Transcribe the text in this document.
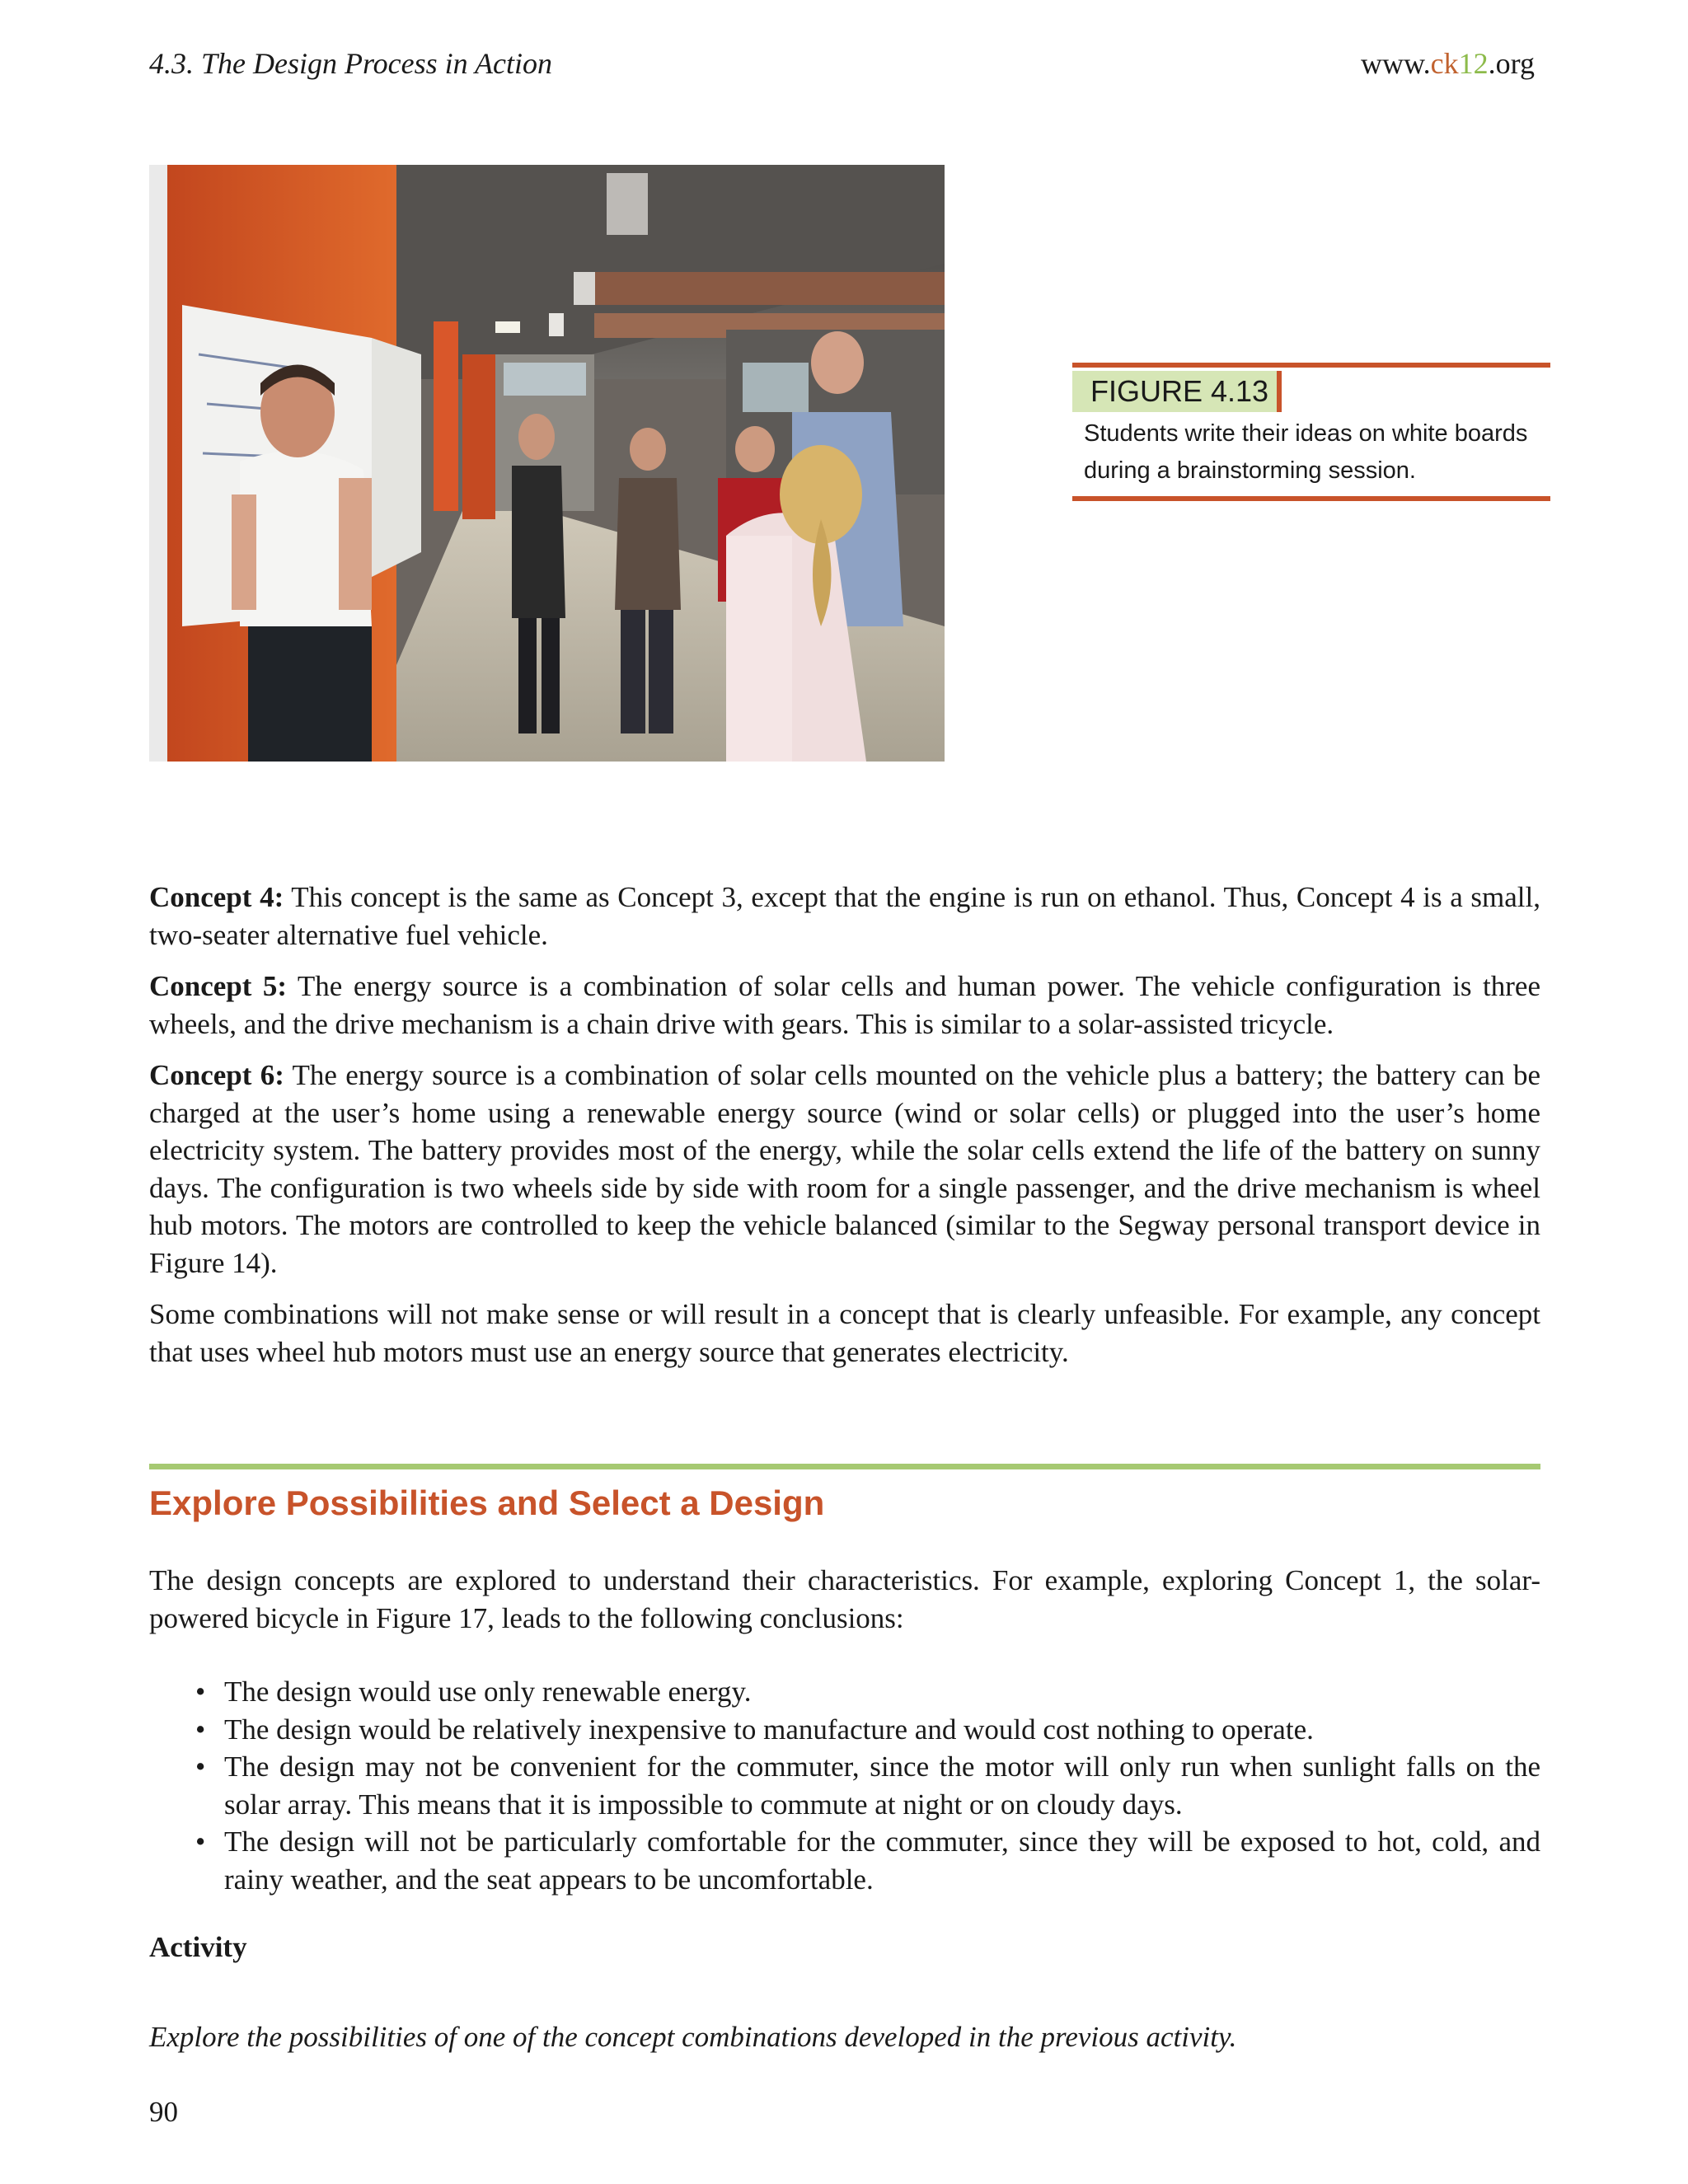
4.3. The Design Process in Action	www.ck12.org
FIGURE 4.13
Students write their ideas on white boards
during a brainstorming session.

Concept 4: This concept is the same as Concept 3, except that the engine is run on ethanol. Thus, Concept 4 is a small, two-seater alternative fuel vehicle.

Concept 5: The energy source is a combination of solar cells and human power. The vehicle configuration is three wheels, and the drive mechanism is a chain drive with gears. This is similar to a solar-assisted tricycle.

Concept 6: The energy source is a combination of solar cells mounted on the vehicle plus a battery; the battery can be charged at the user’s home using a renewable energy source (wind or solar cells) or plugged into the user’s home electricity system. The battery provides most of the energy, while the solar cells extend the life of the battery on sunny days. The configuration is two wheels side by side with room for a single passenger, and the drive mechanism is wheel hub motors. The motors are controlled to keep the vehicle balanced (similar to the Segway personal transport device in Figure 14).

Some combinations will not make sense or will result in a concept that is clearly unfeasible. For example, any concept that uses wheel hub motors must use an energy source that generates electricity.

Explore Possibilities and Select a Design

The design concepts are explored to understand their characteristics. For example, exploring Concept 1, the solar-powered bicycle in Figure 17, leads to the following conclusions:

• The design would use only renewable energy.
• The design would be relatively inexpensive to manufacture and would cost nothing to operate.
• The design may not be convenient for the commuter, since the motor will only run when sunlight falls on the solar array. This means that it is impossible to commute at night or on cloudy days.
• The design will not be particularly comfortable for the commuter, since they will be exposed to hot, cold, and rainy weather, and the seat appears to be uncomfortable.
Activity
Explore the possibilities of one of the concept combinations developed in the previous activity.
90
